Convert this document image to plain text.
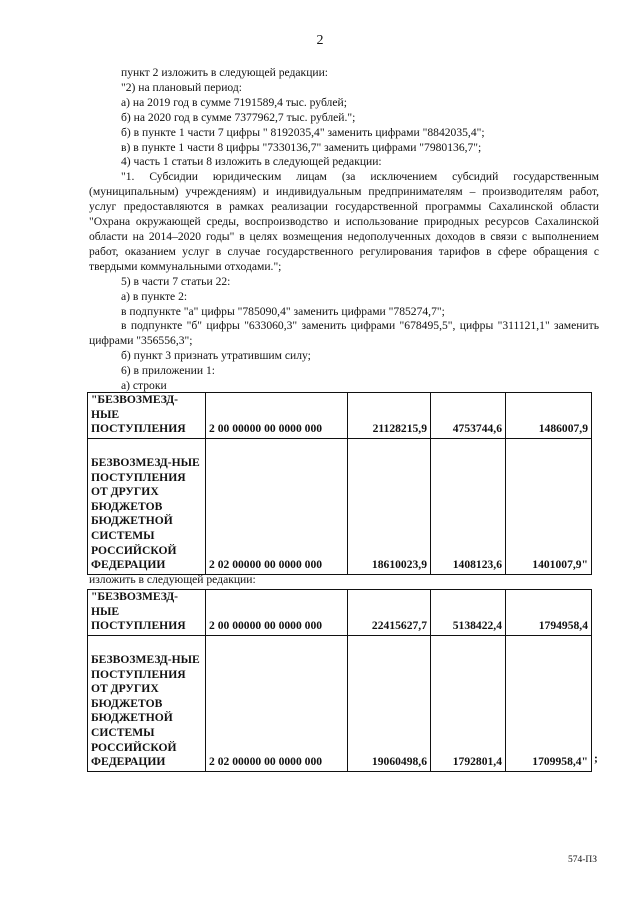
2

пункт 2 изложить в следующей редакции:

"2) на плановый период:

а) на 2019 год в сумме 7191589,4 тыс. рублей;

б) на 2020 год в сумме 7377962,7 тыс. рублей.";

б) в пункте 1 части 7 цифры " 8192035,4" заменить цифрами "8842035,4";

в) в пункте 1 части 8 цифры "7330136,7" заменить цифрами "7980136,7";

4) часть 1 статьи 8 изложить в следующей редакции:

"1. Субсидии юридическим лицам (за исключением субсидий государственным (муниципальным) учреждениям) и индивидуальным предпринимателям – производителям работ, услуг предоставляются в рамках реализации государственной программы Сахалинской области "Охрана окружающей среды, воспроизводство и использование природных ресурсов Сахалинской области на 2014–2020 годы" в целях возмещения недополученных доходов в связи с выполнением работ, оказанием услуг в случае государственного регулирования тарифов в сфере обращения с твердыми коммунальными отходами.";

5) в части 7 статьи 22:

а) в пункте 2:

в подпункте "а" цифры "785090,4" заменить цифрами "785274,7";

в подпункте "б" цифры "633060,3" заменить цифрами "678495,5", цифры "311121,1" заменить цифрами "356556,3";

б) пункт 3 признать утратившим силу;

6) в приложении 1:

а) строки

"БЕЗВОЗМЕЗД-НЫЕ ПОСТУПЛЕНИЯ	2 00 00000 00 0000 000	21128215,9	4753744,6	1486007,9
БЕЗВОЗМЕЗД-НЫЕ ПОСТУПЛЕНИЯ ОТ ДРУГИХ БЮДЖЕТОВ БЮДЖЕТНОЙ СИСТЕМЫ РОССИЙСКОЙ ФЕДЕРАЦИИ	2 02 00000 00 0000 000	18610023,9	1408123,6	1401007,9"
изложить в следующей редакции:
"БЕЗВОЗМЕЗД-НЫЕ ПОСТУПЛЕНИЯ	2 00 00000 00 0000 000	22415627,7	5138422,4	1794958,4
БЕЗВОЗМЕЗД-НЫЕ ПОСТУПЛЕНИЯ ОТ ДРУГИХ БЮДЖЕТОВ БЮДЖЕТНОЙ СИСТЕМЫ РОССИЙСКОЙ ФЕДЕРАЦИИ	2 02 00000 00 0000 000	19060498,6	1792801,4	1709958,4" ;
574-ПЗ
